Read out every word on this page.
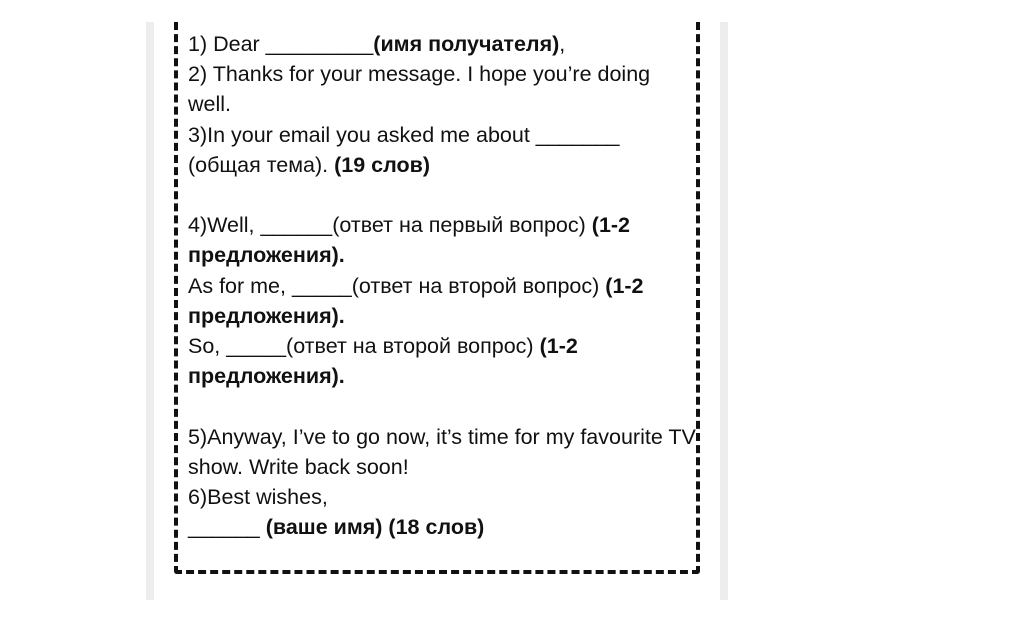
1) Dear _________(имя получателя),

2) Thanks for your message. I hope you’re doing well.

3)In your email you asked me about _______ (общая тема). (19 слов)

4)Well, ______(ответ на первый вопрос) (1-2 предложения).

As for me, _____(ответ на второй вопрос) (1-2 предложения).

So, _____(ответ на второй вопрос) (1-2 предложения).

5)Anyway, I’ve to go now, it’s time for my favourite TV show. Write back soon!

6)Best wishes,

______ (ваше имя) (18 слов)
